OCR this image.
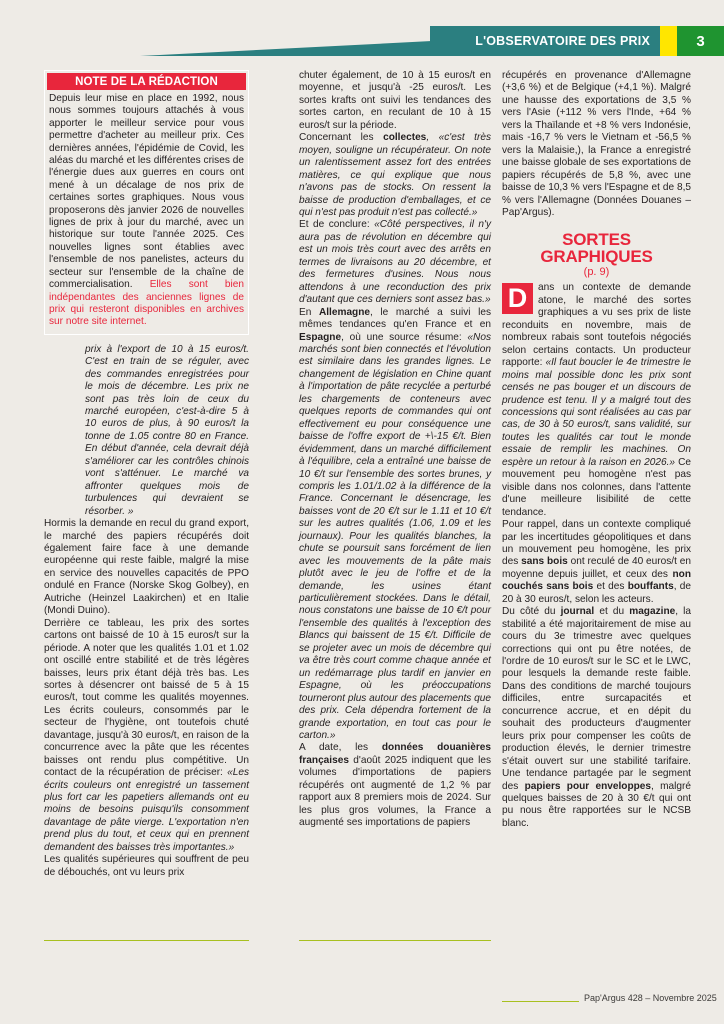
L'OBSERVATOIRE DES PRIX	3
NOTE DE LA RÉDACTION
Depuis leur mise en place en 1992, nous nous sommes toujours attachés à vous apporter le meilleur service pour vous permettre d'acheter au meilleur prix. Ces dernières années, l'épidémie de Covid, les aléas du marché et les différentes crises de l'énergie dues aux guerres en cours ont mené à un décalage de nos prix de certaines sortes graphiques. Nous vous proposerons dès janvier 2026 de nouvelles lignes de prix à jour du marché, avec un historique sur toute l'année 2025. Ces nouvelles lignes sont établies avec l'ensemble de nos panelistes, acteurs du secteur sur l'ensemble de la chaîne de commercialisation. Elles sont bien indépendantes des anciennes lignes de prix qui resteront disponibles en archives sur notre site internet.

prix à l'export de 10 à 15 euros/t. C'est en train de se réguler, avec des commandes enregistrées pour le mois de décembre. Les prix ne sont pas très loin de ceux du marché européen, c'est-à-dire 5 à 10 euros de plus, à 90 euros/t la tonne de 1.05 contre 80 en France. En début d'année, cela devrait déjà s'améliorer car les contrôles chinois vont s'atténuer. Le marché va affronter quelques mois de turbulences qui devraient se résorber. »

Hormis la demande en recul du grand export, le marché des papiers récupérés doit également faire face à une demande européenne qui reste faible, malgré la mise en service des nouvelles capacités de PPO ondulé en France (Norske Skog Golbey), en Autriche (Heinzel Laakirchen) et en Italie (Mondi Duino).

Derrière ce tableau, les prix des sortes cartons ont baissé de 10 à 15 euros/t sur la période. A noter que les qualités 1.01 et 1.02 ont oscillé entre stabilité et de très légères baisses, leurs prix étant déjà très bas. Les sortes à désencrer ont baissé de 5 à 15 euros/t, tout comme les qualités moyennes. Les écrits couleurs, consommés par le secteur de l'hygiène, ont toutefois chuté davantage, jusqu'à 30 euros/t, en raison de la concurrence avec la pâte que les récentes baisses ont rendu plus compétitive. Un contact de la récupération de préciser: «Les écrits couleurs ont enregistré un tassement plus fort car les papetiers allemands ont eu moins de besoins puisqu'ils consomment davantage de pâte vierge. L'exportation n'en prend plus du tout, et ceux qui en prennent demandent des baisses très importantes.»

Les qualités supérieures qui souffrent de peu de débouchés, ont vu leurs prix

chuter également, de 10 à 15 euros/t en moyenne, et jusqu'à -25 euros/t. Les sortes krafts ont suivi les tendances des sortes carton, en reculant de 10 à 15 euros/t sur la période.

Concernant les collectes, «c'est très moyen, souligne un récupérateur. On note un ralentissement assez fort des entrées matières, ce qui explique que nous n'avons pas de stocks. On ressent la baisse de production d'emballages, et ce qui n'est pas produit n'est pas collecté.»

Et de conclure: «Côté perspectives, il n'y aura pas de révolution en décembre qui est un mois très court avec des arrêts en termes de livraisons au 20 décembre, et des fermetures d'usines. Nous nous attendons à une reconduction des prix d'autant que ces derniers sont assez bas.»

En Allemagne, le marché a suivi les mêmes tendances qu'en France et en Espagne, où une source résume: «Nos marchés sont bien connectés et l'évolution est similaire dans les grandes lignes. Le changement de législation en Chine quant à l'importation de pâte recyclée a perturbé les chargements de conteneurs avec quelques reports de commandes qui ont effectivement eu pour conséquence une baisse de l'offre export de +\-15 €/t. Bien évidemment, dans un marché difficilement à l'équilibre, cela a entraîné une baisse de 10 €/t sur l'ensemble des sortes brunes, y compris les 1.01/1.02 à la différence de la France. Concernant le désencrage, les baisses vont de 20 €/t sur le 1.11 et 10 €/t sur les autres qualités (1.06, 1.09 et les journaux). Pour les qualités blanches, la chute se poursuit sans forcément de lien avec les mouvements de la pâte mais plutôt avec le jeu de l'offre et de la demande, les usines étant particulièrement stockées. Dans le détail, nous constatons une baisse de 10 €/t pour l'ensemble des qualités à l'exception des Blancs qui baissent de 15 €/t. Difficile de se projeter avec un mois de décembre qui va être très court comme chaque année et un redémarrage plus tardif en janvier en Espagne, où les préoccupations tourneront plus autour des placements que des prix. Cela dépendra fortement de la grande exportation, en tout cas pour le carton.»

A date, les données douanières françaises d'août 2025 indiquent que les volumes d'importations de papiers récupérés ont augmenté de 1,2 % par rapport aux 8 premiers mois de 2024. Sur les plus gros volumes, la France a augmenté ses importations de papiers

récupérés en provenance d'Allemagne (+3,6 %) et de Belgique (+4,1 %). Malgré une hausse des exportations de 3,5 % vers l'Asie (+112 % vers l'Inde, +64 % vers la Thaïlande et +8 % vers Indonésie, mais -16,7 % vers le Vietnam et -56,5 % vers la Malaisie,), la France a enregistré une baisse globale de ses exportations de papiers récupérés de 5,8 %, avec une baisse de 10,3 % vers l'Espagne et de 8,5 % vers l'Allemagne (Données Douanes – Pap'Argus).

SORTES
GRAPHIQUES
(p. 9)

D	ans un contexte de demande atone, le marché des sortes graphiques a vu ses prix de liste reconduits en novembre, mais de nombreux rabais sont toutefois négociés selon certains contacts. Un producteur rapporte: «Il faut boucler le 4e trimestre le moins mal possible donc les prix sont censés ne pas bouger et un discours de prudence est tenu. Il y a malgré tout des concessions qui sont réalisées au cas par cas, de 30 à 50 euros/t, sans validité, sur toutes les qualités car tout le monde essaie de remplir les machines. On espère un retour à la raison en 2026.» Ce mouvement peu homogène n'est pas visible dans nos colonnes, dans l'attente d'une meilleure lisibilité de cette tendance.

Pour rappel, dans un contexte compliqué par les incertitudes géopolitiques et dans un mouvement peu homogène, les prix des sans bois ont reculé de 40 euros/t en moyenne depuis juillet, et ceux des non couchés sans bois et des bouffants, de 20 à 30 euros/t, selon les acteurs.

Du côté du journal et du magazine, la stabilité a été majoritairement de mise au cours du 3e trimestre avec quelques corrections qui ont pu être notées, de l'ordre de 10 euros/t sur le SC et le LWC, pour lesquels la demande reste faible. Dans des conditions de marché toujours difficiles, entre surcapacités et concurrence accrue, et en dépit du souhait des producteurs d'augmenter leurs prix pour compenser les coûts de production élevés, le dernier trimestre s'était ouvert sur une stabilité tarifaire. Une tendance partagée par le segment des papiers pour enveloppes, malgré quelques baisses de 20 à 30 €/t qui ont pu nous être rapportées sur le NCSB blanc.

Pap'Argus 428 – Novembre 2025
